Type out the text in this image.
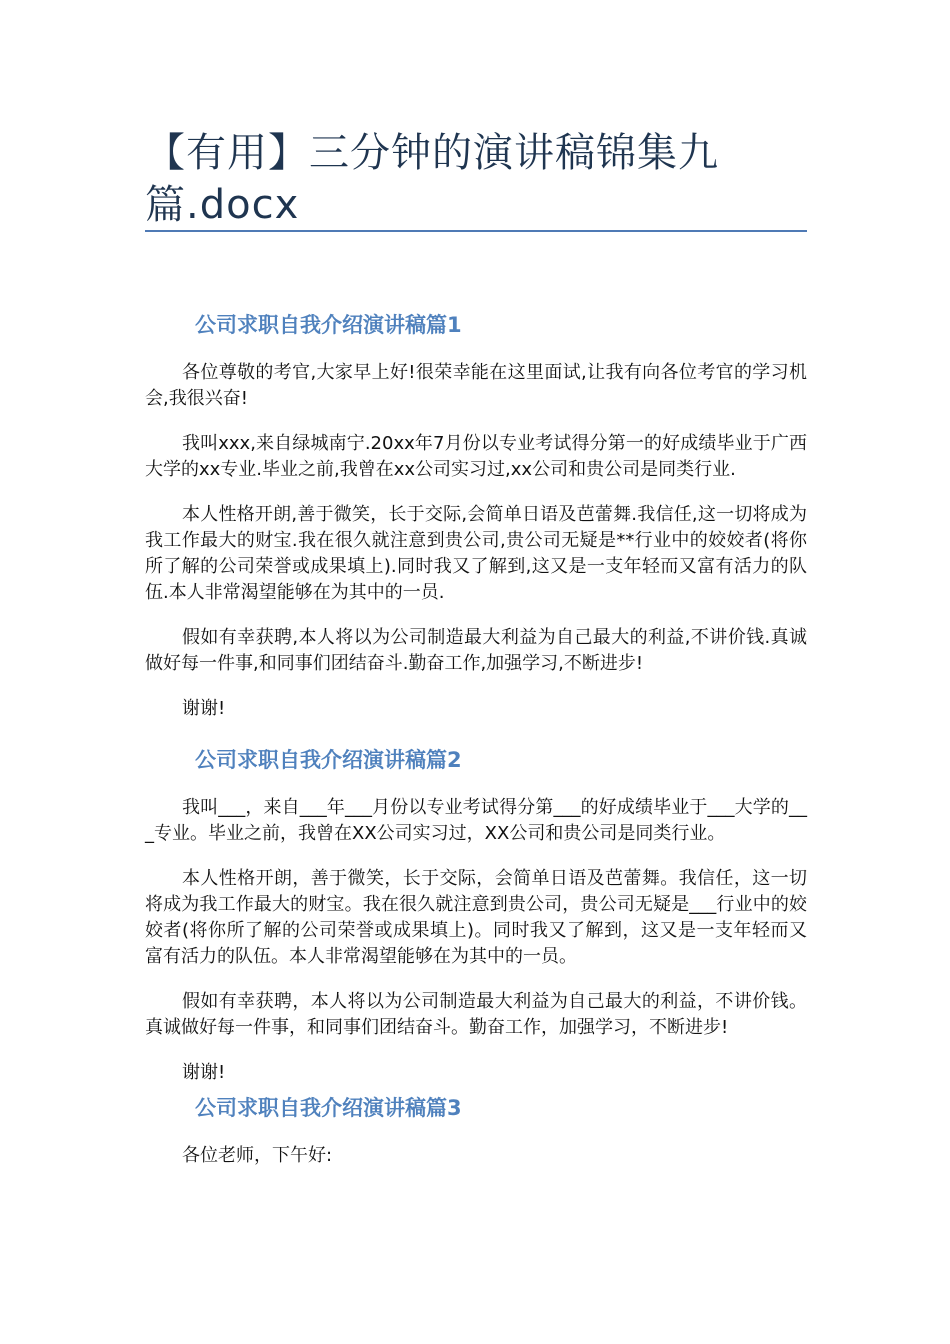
【有用】三分钟的演讲稿锦集九篇.docx
公司求职自我介绍演讲稿篇1

各位尊敬的考官,大家早上好!很荣幸能在这里面试,让我有向各位考官的学习机会,我很兴奋!

我叫xxx,来自绿城南宁.20xx年7月份以专业考试得分第一的好成绩毕业于广西大学的xx专业.毕业之前,我曾在xx公司实习过,xx公司和贵公司是同类行业.

本人性格开朗,善于微笑，长于交际,会简单日语及芭蕾舞.我信任,这一切将成为我工作最大的财宝.我在很久就注意到贵公司,贵公司无疑是**行业中的姣姣者(将你所了解的公司荣誉或成果填上).同时我又了解到,这又是一支年轻而又富有活力的队伍.本人非常渴望能够在为其中的一员.

假如有幸获聘,本人将以为公司制造最大利益为自己最大的利益,不讲价钱.真诚做好每一件事,和同事们团结奋斗.勤奋工作,加强学习,不断进步!

谢谢!

公司求职自我介绍演讲稿篇2

我叫___，来自___年___月份以专业考试得分第___的好成绩毕业于___大学的___专业。毕业之前，我曾在XX公司实习过，XX公司和贵公司是同类行业。

本人性格开朗，善于微笑，长于交际，会简单日语及芭蕾舞。我信任，这一切将成为我工作最大的财宝。我在很久就注意到贵公司，贵公司无疑是___行业中的姣姣者(将你所了解的公司荣誉或成果填上)。同时我又了解到，这又是一支年轻而又富有活力的队伍。本人非常渴望能够在为其中的一员。

假如有幸获聘，本人将以为公司制造最大利益为自己最大的利益，不讲价钱。真诚做好每一件事，和同事们团结奋斗。勤奋工作，加强学习，不断进步!

谢谢!

公司求职自我介绍演讲稿篇3

各位老师，下午好:
